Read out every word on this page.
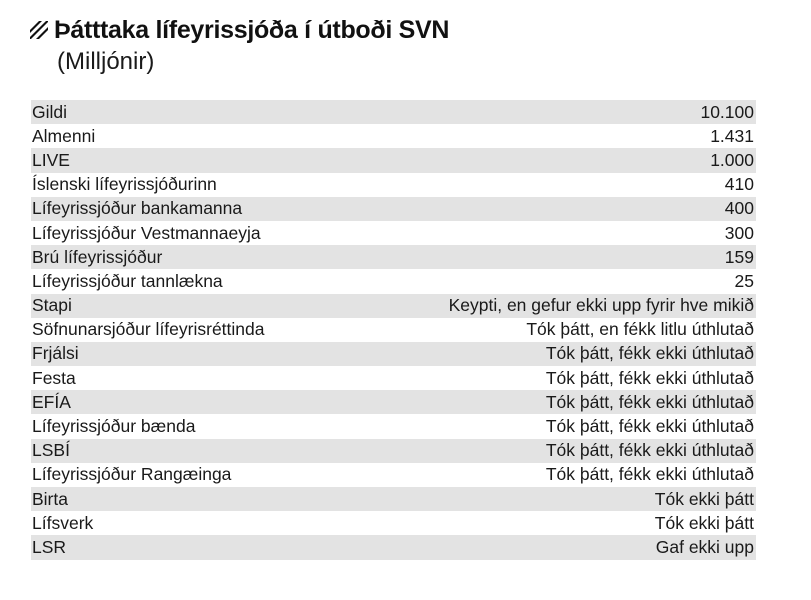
Þátttaka lífeyrissjóða í útboði SVN
(Milljónir)
Gildi	10.100
Almenni	1.431
LIVE	1.000
Íslenski lífeyrissjóðurinn	410
Lífeyrissjóður bankamanna	400
Lífeyrissjóður Vestmannaeyja	300
Brú lífeyrissjóður	159
Lífeyrissjóður tannlækna	25
Stapi	Keypti, en gefur ekki upp fyrir hve mikið
Söfnunarsjóður lífeyrisréttinda	Tók þátt, en fékk litlu úthlutað
Frjálsi	Tók þátt, fékk ekki úthlutað
Festa	Tók þátt, fékk ekki úthlutað
EFÍA	Tók þátt, fékk ekki úthlutað
Lífeyrissjóður bænda	Tók þátt, fékk ekki úthlutað
LSBÍ	Tók þátt, fékk ekki úthlutað
Lífeyrissjóður Rangæinga	Tók þátt, fékk ekki úthlutað
Birta	Tók ekki þátt
Lífsverk	Tók ekki þátt
LSR	Gaf ekki upp
